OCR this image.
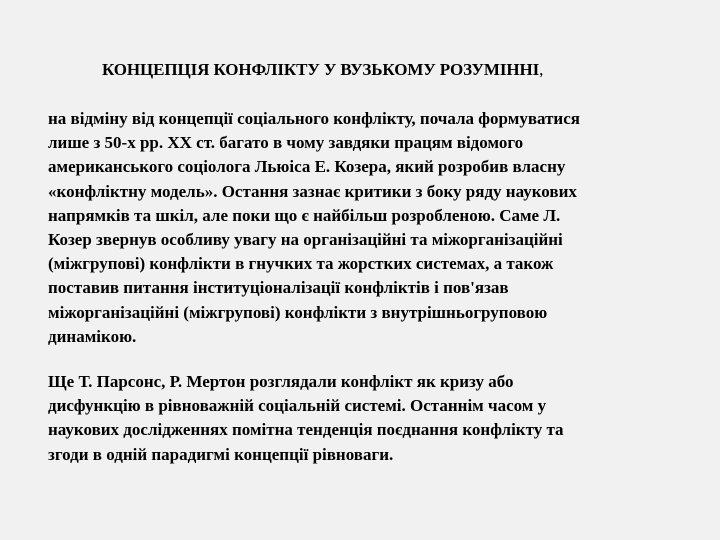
КОНЦЕПЦІЯ КОНФЛІКТУ У ВУЗЬКОМУ РОЗУМІННІ,

на відміну від концепції соціального конфлікту, почала формуватися
лише з 50-х рр. XX ст. багато в чому завдяки працям відомого
американського соціолога Льюіса Е. Козера, який розробив власну
«конфліктну модель». Остання зазнає критики з боку ряду наукових
напрямків та шкіл, але поки що є найбільш розробленою. Саме Л.
Козер звернув особливу увагу на організаційні та міжорганізаційні
(міжгрупові) конфлікти в гнучких та жорстких системах, а також
поставив питання інституціоналізації конфліктів і пов'язав
міжорганізаційні (міжгрупові) конфлікти з внутрішньогруповою
динамікою.

Ще Т. Парсонс, Р. Мертон розглядали конфлікт як кризу або
дисфункцію в рівноважній соціальній системі. Останнім часом у
наукових дослідженнях помітна тенденція поєднання конфлікту та
згоди в одній парадигмі концепції рівноваги.
